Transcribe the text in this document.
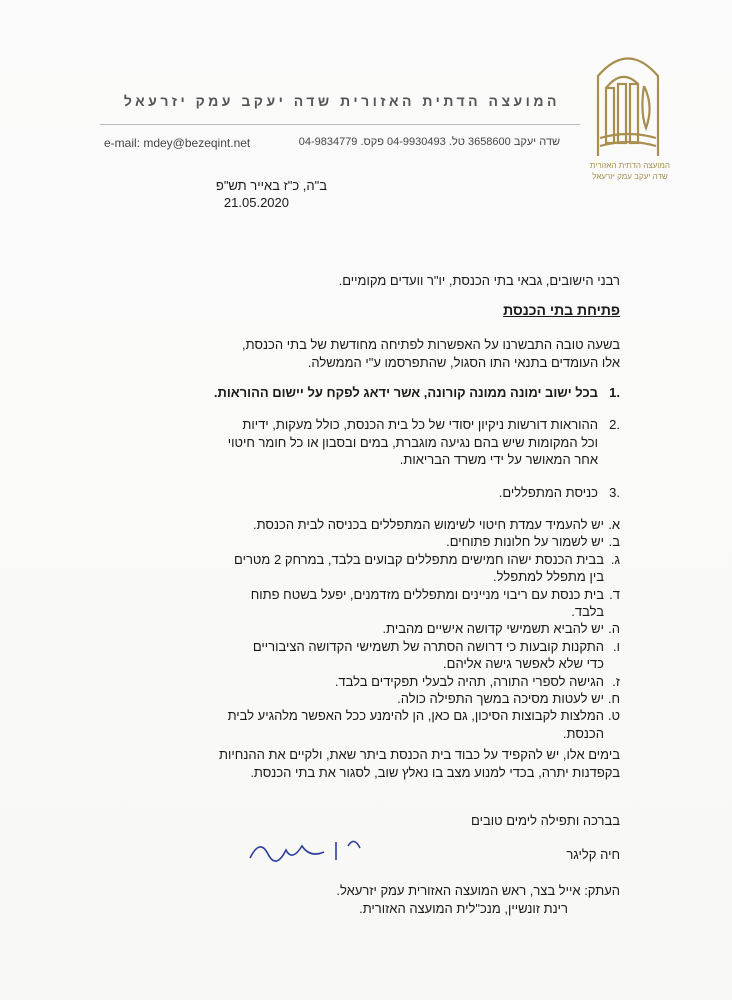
המועצה הדתית האזורית
שדה יעקב עמק יזרעאל
המועצה הדתית האזורית שדה יעקב עמק יזרעאל
e-mail: mdey@bezeqint.net	שדה יעקב 3658600 טל. 04-9930493 פקס. 04-9834779
ב"ה, כ"ז באייר תש"פ
21.05.2020
רבני הישובים, גבאי בתי הכנסת, יו"ר וועדים מקומיים.
פתיחת בתי הכנסת

בשעה טובה התבשרנו על האפשרות לפתיחה מחודשת של בתי הכנסת,

אלו העומדים בתנאי התו הסגול, שהתפרסמו ע"י הממשלה.

.1בכל ישוב ימונה ממונה קורונה, אשר ידאג לפקח על יישום ההוראות.
.2ההוראות דורשות ניקיון יסודי של כל בית הכנסת, כולל מעקות, ידיות
וכל המקומות שיש בהם נגיעה מוגברת, במים ובסבון או כל חומר חיטוי
אחר המאושר על ידי משרד הבריאות.
.3כניסת המתפללים.
א.יש להעמיד עמדת חיטוי לשימוש המתפללים בכניסה לבית הכנסת.
ב.יש לשמור על חלונות פתוחים.
ג.בבית הכנסת ישהו חמישים מתפללים קבועים בלבד, במרחק 2 מטרים
בין מתפלל למתפלל.
ד.בית כנסת עם ריבוי מניינים ומתפללים מזדמנים, יפעל בשטח פתוח
בלבד.
ה.יש להביא תשמישי קדושה אישיים מהבית.
ו.התקנות קובעות כי דרושה הסתרה של תשמישי הקדושה הציבוריים
כדי שלא לאפשר גישה אליהם.
ז.הגישה לספרי התורה, תהיה לבעלי תפקידים בלבד.
ח.יש לעטות מסיכה במשך התפילה כולה.
ט.המלצות לקבוצות הסיכון, גם כאן, הן להימנע ככל האפשר מלהגיע לבית
הכנסת.

בימים אלו, יש להקפיד על כבוד בית הכנסת ביתר שאת, ולקיים את ההנחיות

בקפדנות יתרה, בכדי למנוע מצב בו נאלץ שוב, לסגור את בתי הכנסת.

בברכה ותפילה לימים טובים
חיה קליגר

העתק: אייל בצר, ראש המועצה האזורית עמק יזרעאל.

רינת זונשיין, מנכ"לית המועצה האזורית.
